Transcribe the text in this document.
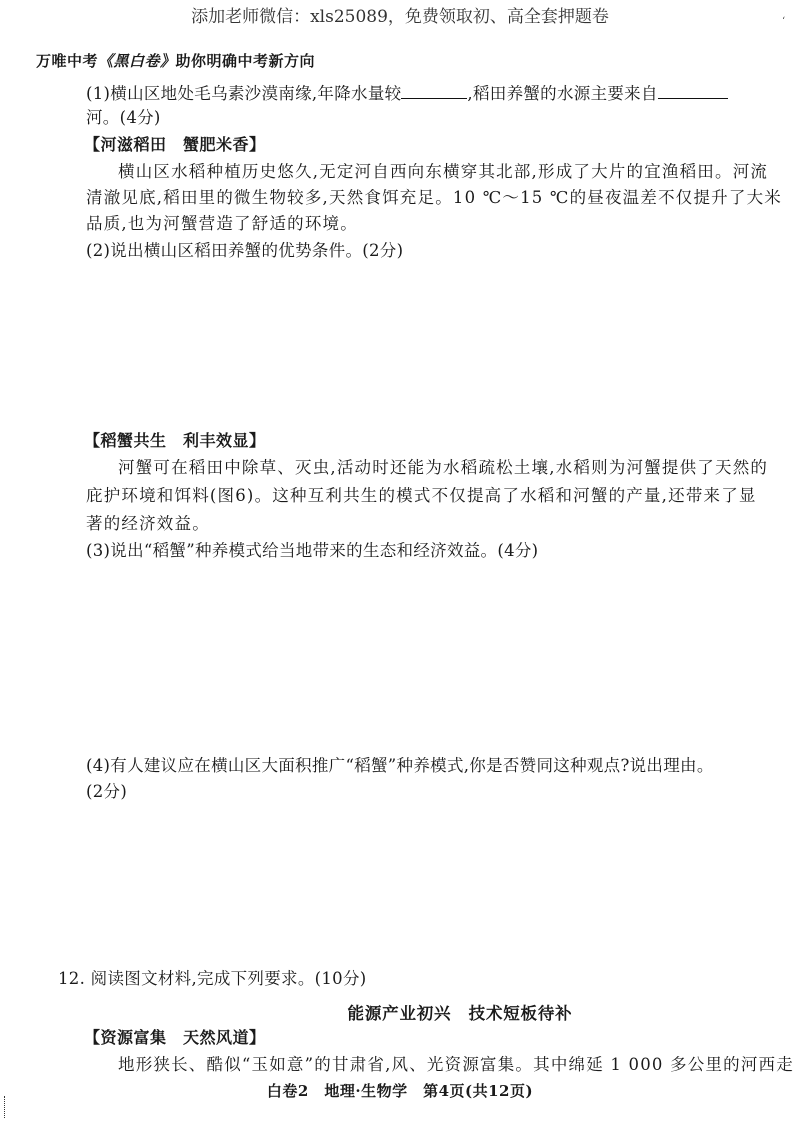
添加老师微信：xls25089，免费领取初、高全套押题卷	‘
万唯中考《黑白卷》助你明确中考新方向
(1)横山区地处毛乌素沙漠南缘,年降水量较	,稻田养蟹的水源主要来自
河。(4分)
【河滋稻田　蟹肥米香】
横山区水稻种植历史悠久,无定河自西向东横穿其北部,形成了大片的宜渔稻田。河流
清澈见底,稻田里的微生物较多,天然食饵充足。10 ℃～15 ℃的昼夜温差不仅提升了大米
品质,也为河蟹营造了舒适的环境。
(2)说出横山区稻田养蟹的优势条件。(2分)
【稻蟹共生　利丰效显】
河蟹可在稻田中除草、灭虫,活动时还能为水稻疏松土壤,水稻则为河蟹提供了天然的
庇护环境和饵料(图6)。这种互利共生的模式不仅提高了水稻和河蟹的产量,还带来了显
著的经济效益。
(3)说出“稻蟹”种养模式给当地带来的生态和经济效益。(4分)
(4)有人建议应在横山区大面积推广“稻蟹”种养模式,你是否赞同这种观点?说出理由。
(2分)
12. 阅读图文材料,完成下列要求。(10分)
能源产业初兴　技术短板待补
【资源富集　天然风道】
地形狭长、酷似“玉如意”的甘肃省,风、光资源富集。其中绵延 1 000 多公里的河西走
白卷2　地理·生物学　第4页(共12页)
